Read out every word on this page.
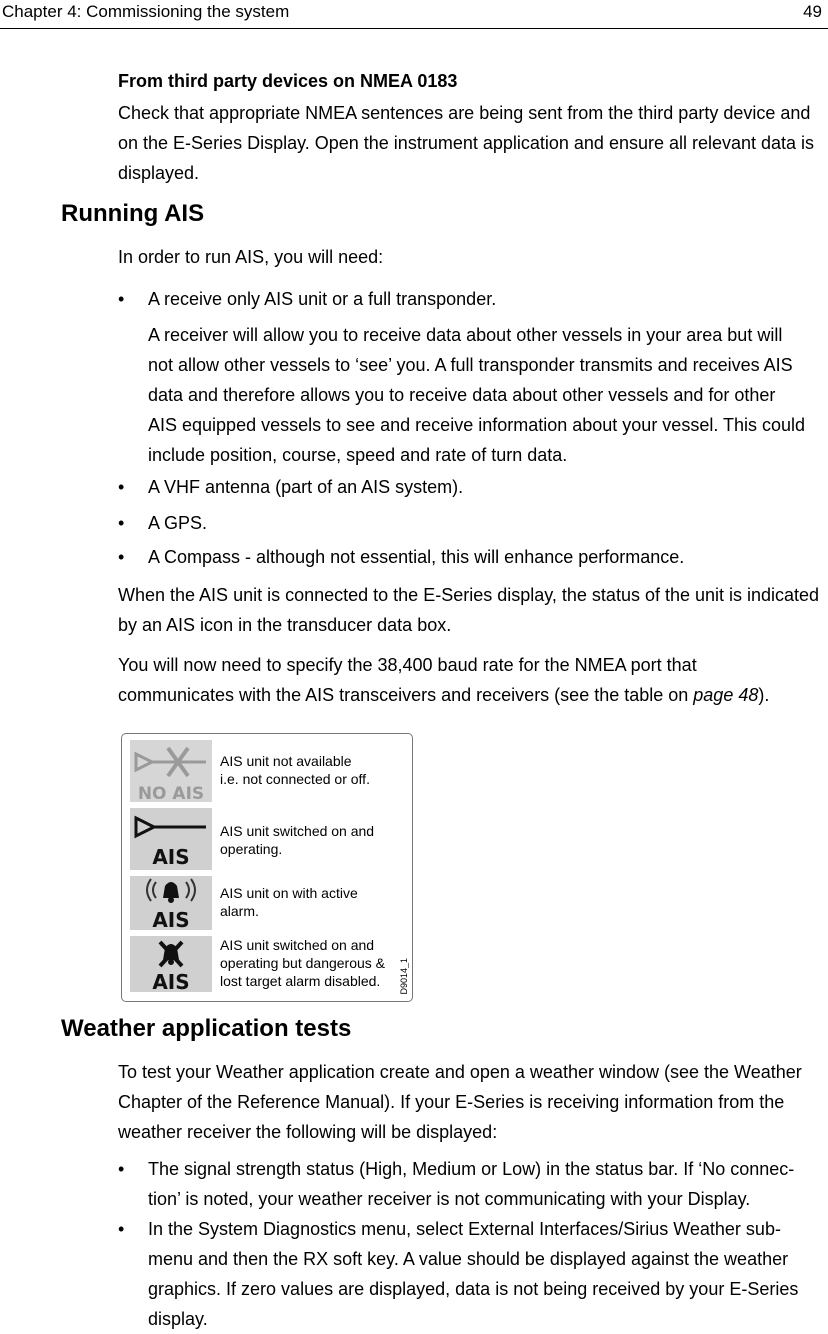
Chapter 4: Commissioning the system	49
From third party devices on NMEA 0183
Check that appropriate NMEA sentences are being sent from the third party device and
on the E-Series Display. Open the instrument application and ensure all relevant data is
displayed.
Running AIS
In order to run AIS, you will need:
• A receive only AIS unit or a full transponder.
A receiver will allow you to receive data about other vessels in your area but will
not allow other vessels to ‘see’ you. A full transponder transmits and receives AIS
data and therefore allows you to receive data about other vessels and for other
AIS equipped vessels to see and receive information about your vessel. This could
include position, course, speed and rate of turn data.
• A VHF antenna (part of an AIS system).
• A GPS.
• A Compass - although not essential, this will enhance performance.
When the AIS unit is connected to the E-Series display, the status of the unit is indicated
by an AIS icon in the transducer data box.
You will now need to specify the 38,400 baud rate for the NMEA port that
communicates with the AIS transceivers and receivers (see the table on page 48).
NO AIS
AIS unit not available
i.e. not connected or off.
AIS
AIS unit switched on and
operating.
AIS
AIS unit on with active
alarm.
AIS
AIS unit switched on and
operating but dangerous &
lost target alarm disabled.	D9014_1
Weather application tests
To test your Weather application create and open a weather window (see the Weather
Chapter of the Reference Manual). If your E-Series is receiving information from the
weather receiver the following will be displayed:
• The signal strength status (High, Medium or Low) in the status bar. If ‘No connec-
tion’ is noted, your weather receiver is not communicating with your Display.
• In the System Diagnostics menu, select External Interfaces/Sirius Weather sub-
menu and then the RX soft key. A value should be displayed against the weather
graphics. If zero values are displayed, data is not being received by your E-Series
display.
